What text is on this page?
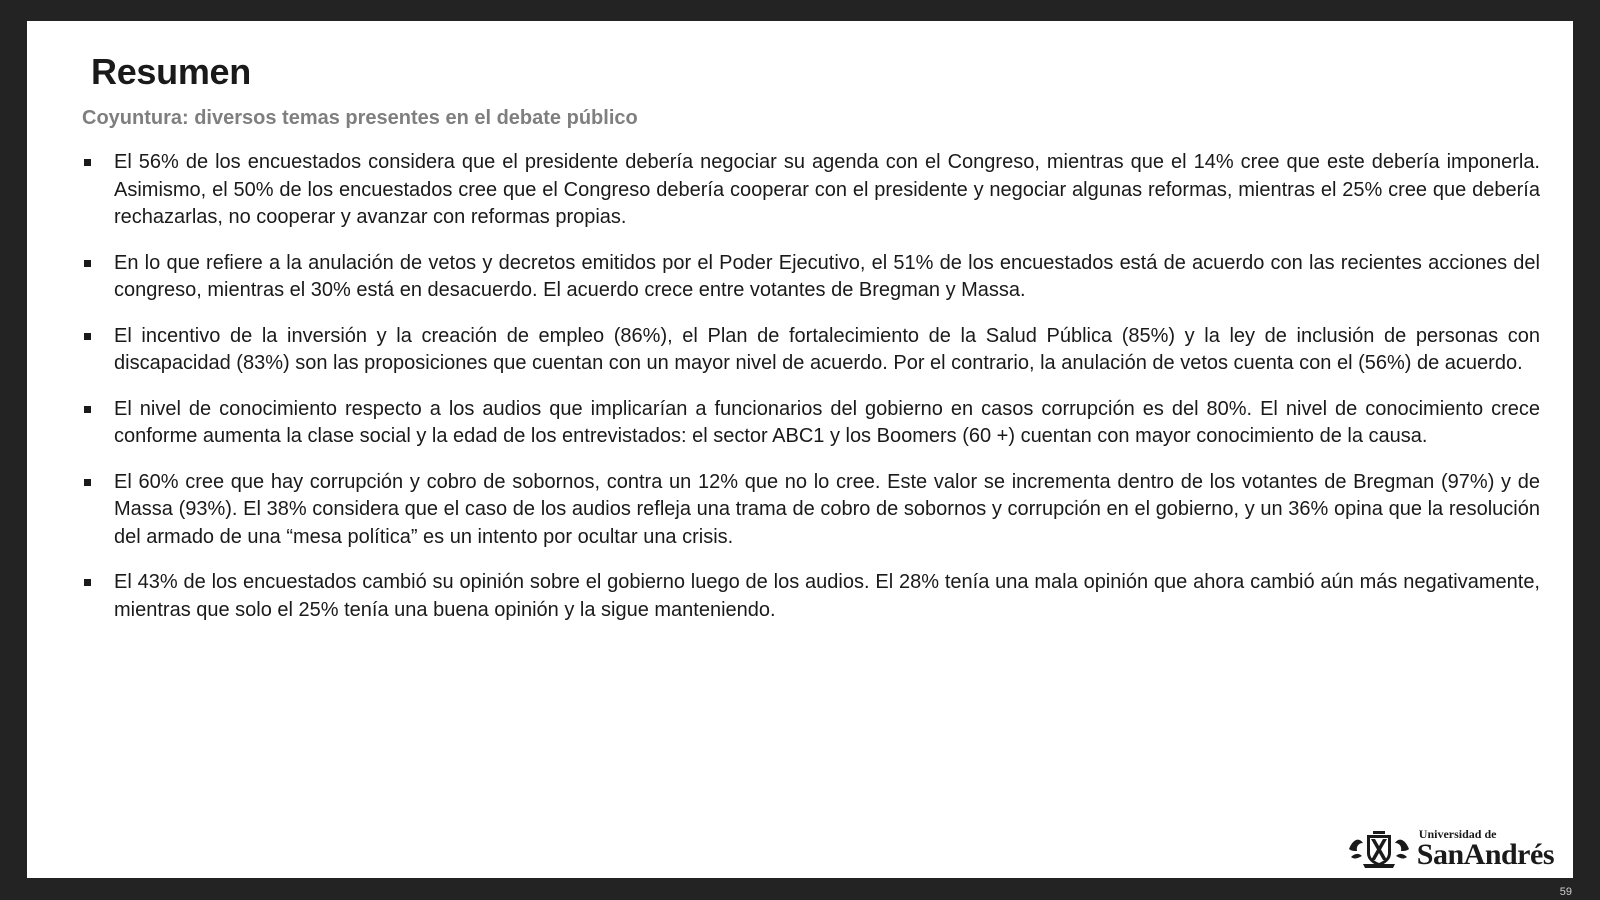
Resumen
Coyuntura: diversos temas presentes en el debate público
El 56% de los encuestados considera que el presidente debería negociar su agenda con el Congreso, mientras que el 14% cree que este debería imponerla. Asimismo, el 50% de los encuestados cree que el Congreso debería cooperar con el presidente y negociar algunas reformas, mientras el 25% cree que debería rechazarlas, no cooperar y avanzar con reformas propias.
En lo que refiere a la anulación de vetos y decretos emitidos por el Poder Ejecutivo, el 51% de los encuestados está de acuerdo con las recientes acciones del congreso, mientras el 30% está en desacuerdo. El acuerdo crece entre votantes de Bregman y Massa.
El incentivo de la inversión y la creación de empleo (86%), el Plan de fortalecimiento de la Salud Pública (85%) y la ley de inclusión de personas con discapacidad (83%) son las proposiciones que cuentan con un mayor nivel de acuerdo. Por el contrario, la anulación de vetos cuenta con el (56%) de acuerdo.
El nivel de conocimiento respecto a los audios que implicarían a funcionarios del gobierno en casos corrupción es del 80%. El nivel de conocimiento crece conforme aumenta la clase social y la edad de los entrevistados: el sector ABC1 y los Boomers (60 +) cuentan con mayor conocimiento de la causa.
El 60% cree que hay corrupción y cobro de sobornos, contra un 12% que no lo cree. Este valor se incrementa dentro de los votantes de Bregman (97%) y de Massa (93%). El 38% considera que el caso de los audios refleja una trama de cobro de sobornos y corrupción en el gobierno, y un 36% opina que la resolución del armado de una “mesa política” es un intento por ocultar una crisis.
El 43% de los encuestados cambió su opinión sobre el gobierno luego de los audios. El 28% tenía una mala opinión que ahora cambió aún más negativamente, mientras que solo el 25% tenía una buena opinión y la sigue manteniendo.
Universidad de
SanAndrés
59
